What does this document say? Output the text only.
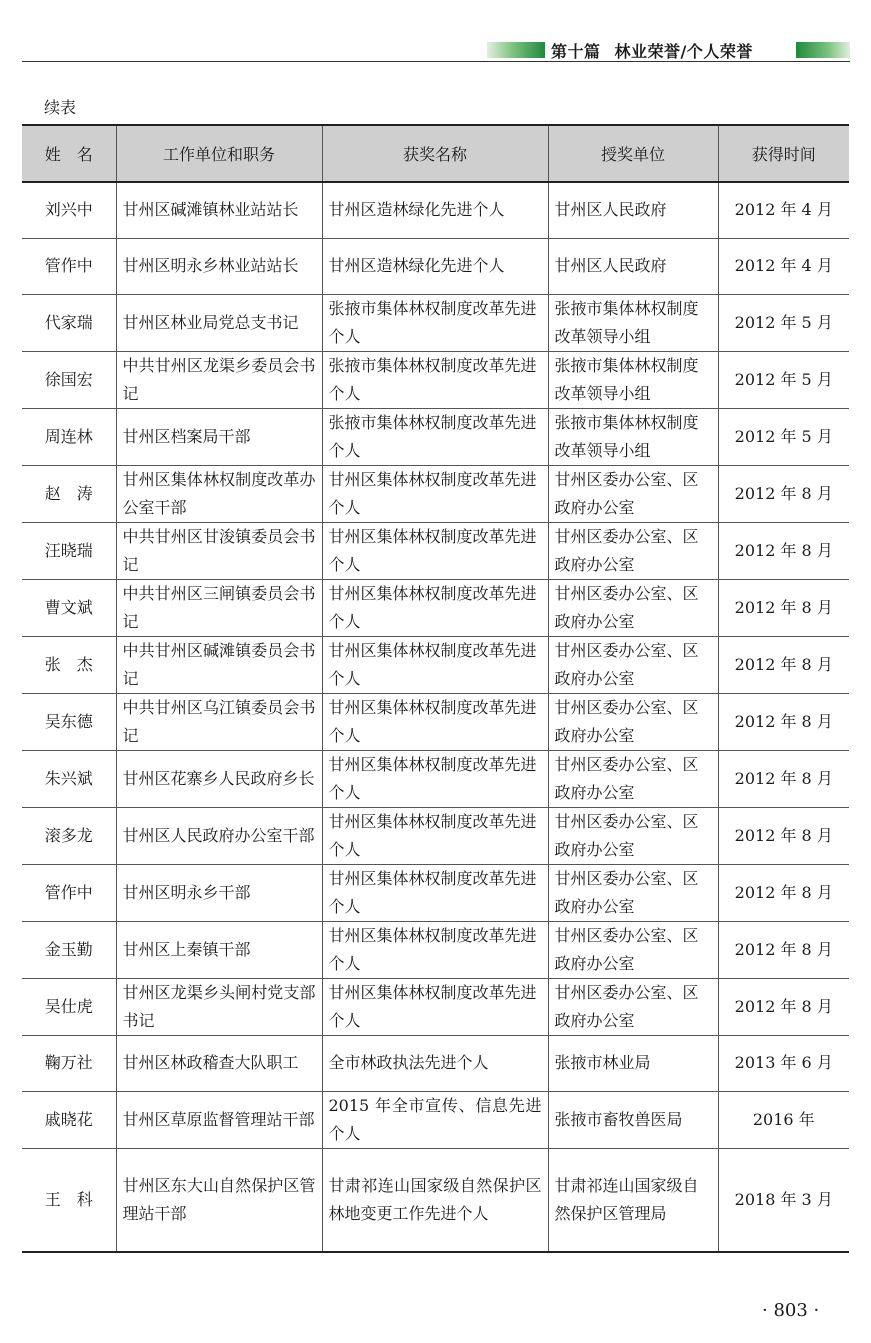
第十篇 林业荣誉/个人荣誉
续表
姓　名	工作单位和职务	获奖名称	授奖单位	获得时间
刘兴中	甘州区碱滩镇林业站站长	甘州区造林绿化先进个人	甘州区人民政府	2012 年 4 月
管作中	甘州区明永乡林业站站长	甘州区造林绿化先进个人	甘州区人民政府	2012 年 4 月
代家瑞	甘州区林业局党总支书记	张掖市集体林权制度改革先进个人	张掖市集体林权制度改革领导小组	2012 年 5 月
徐国宏	中共甘州区龙渠乡委员会书记	张掖市集体林权制度改革先进个人	张掖市集体林权制度改革领导小组	2012 年 5 月
周连林	甘州区档案局干部	张掖市集体林权制度改革先进个人	张掖市集体林权制度改革领导小组	2012 年 5 月
赵　涛	甘州区集体林权制度改革办公室干部	甘州区集体林权制度改革先进个人	甘州区委办公室、区政府办公室	2012 年 8 月
汪晓瑞	中共甘州区甘浚镇委员会书记	甘州区集体林权制度改革先进个人	甘州区委办公室、区政府办公室	2012 年 8 月
曹文斌	中共甘州区三闸镇委员会书记	甘州区集体林权制度改革先进个人	甘州区委办公室、区政府办公室	2012 年 8 月
张　杰	中共甘州区碱滩镇委员会书记	甘州区集体林权制度改革先进个人	甘州区委办公室、区政府办公室	2012 年 8 月
吴东德	中共甘州区乌江镇委员会书记	甘州区集体林权制度改革先进个人	甘州区委办公室、区政府办公室	2012 年 8 月
朱兴斌	甘州区花寨乡人民政府乡长	甘州区集体林权制度改革先进个人	甘州区委办公室、区政府办公室	2012 年 8 月
滚多龙	甘州区人民政府办公室干部	甘州区集体林权制度改革先进个人	甘州区委办公室、区政府办公室	2012 年 8 月
管作中	甘州区明永乡干部	甘州区集体林权制度改革先进个人	甘州区委办公室、区政府办公室	2012 年 8 月
金玉勤	甘州区上秦镇干部	甘州区集体林权制度改革先进个人	甘州区委办公室、区政府办公室	2012 年 8 月
吴仕虎	甘州区龙渠乡头闸村党支部书记	甘州区集体林权制度改革先进个人	甘州区委办公室、区政府办公室	2012 年 8 月
鞠万社	甘州区林政稽查大队职工	全市林政执法先进个人	张掖市林业局	2013 年 6 月
戚晓花	甘州区草原监督管理站干部	2015 年全市宣传、信息先进个人	张掖市畜牧兽医局	2016 年
王　科	甘州区东大山自然保护区管理站干部	甘肃祁连山国家级自然保护区林地变更工作先进个人	甘肃祁连山国家级自然保护区管理局	2018 年 3 月
· 803 ·
